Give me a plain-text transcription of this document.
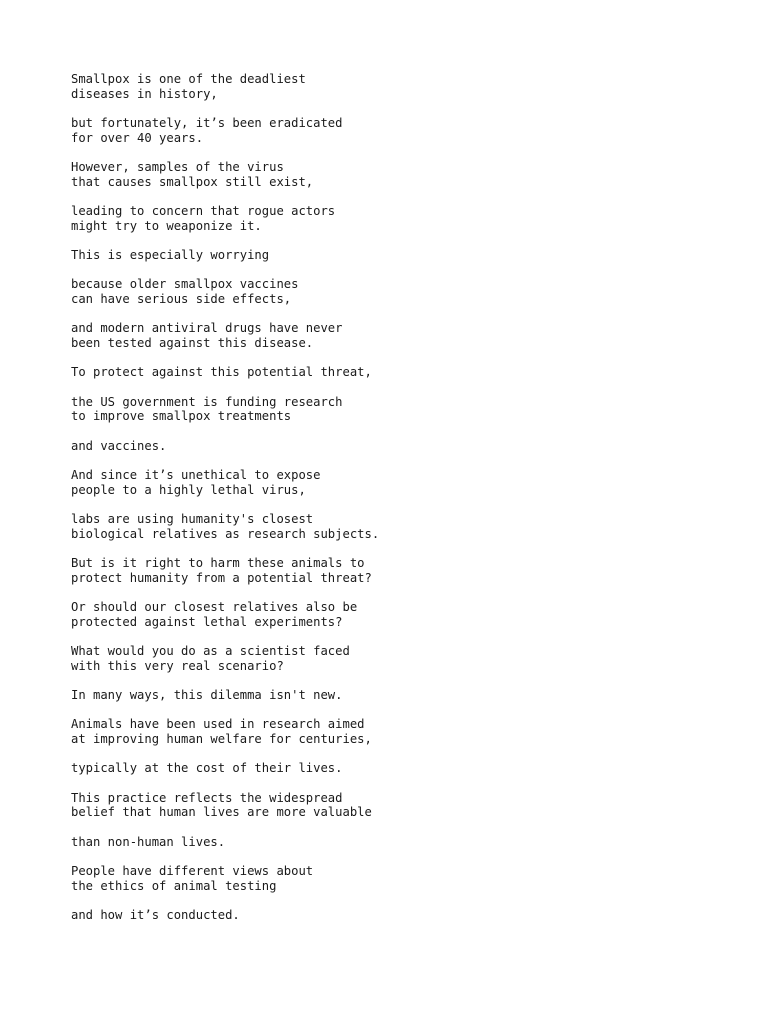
Smallpox is one of the deadliest
diseases in history,
but fortunately, it’s been eradicated
for over 40 years.
However, samples of the virus
that causes smallpox still exist,
leading to concern that rogue actors
might try to weaponize it.
This is especially worrying
because older smallpox vaccines
can have serious side effects,
and modern antiviral drugs have never
been tested against this disease.
To protect against this potential threat,
the US government is funding research
to improve smallpox treatments
and vaccines.
And since it’s unethical to expose
people to a highly lethal virus,
labs are using humanity's closest
biological relatives as research subjects.
But is it right to harm these animals to
protect humanity from a potential threat?
Or should our closest relatives also be
protected against lethal experiments?
What would you do as a scientist faced
with this very real scenario?
In many ways, this dilemma isn't new.
Animals have been used in research aimed
at improving human welfare for centuries,
typically at the cost of their lives.
This practice reflects the widespread
belief that human lives are more valuable
than non-human lives.
People have different views about
the ethics of animal testing
and how it’s conducted.
